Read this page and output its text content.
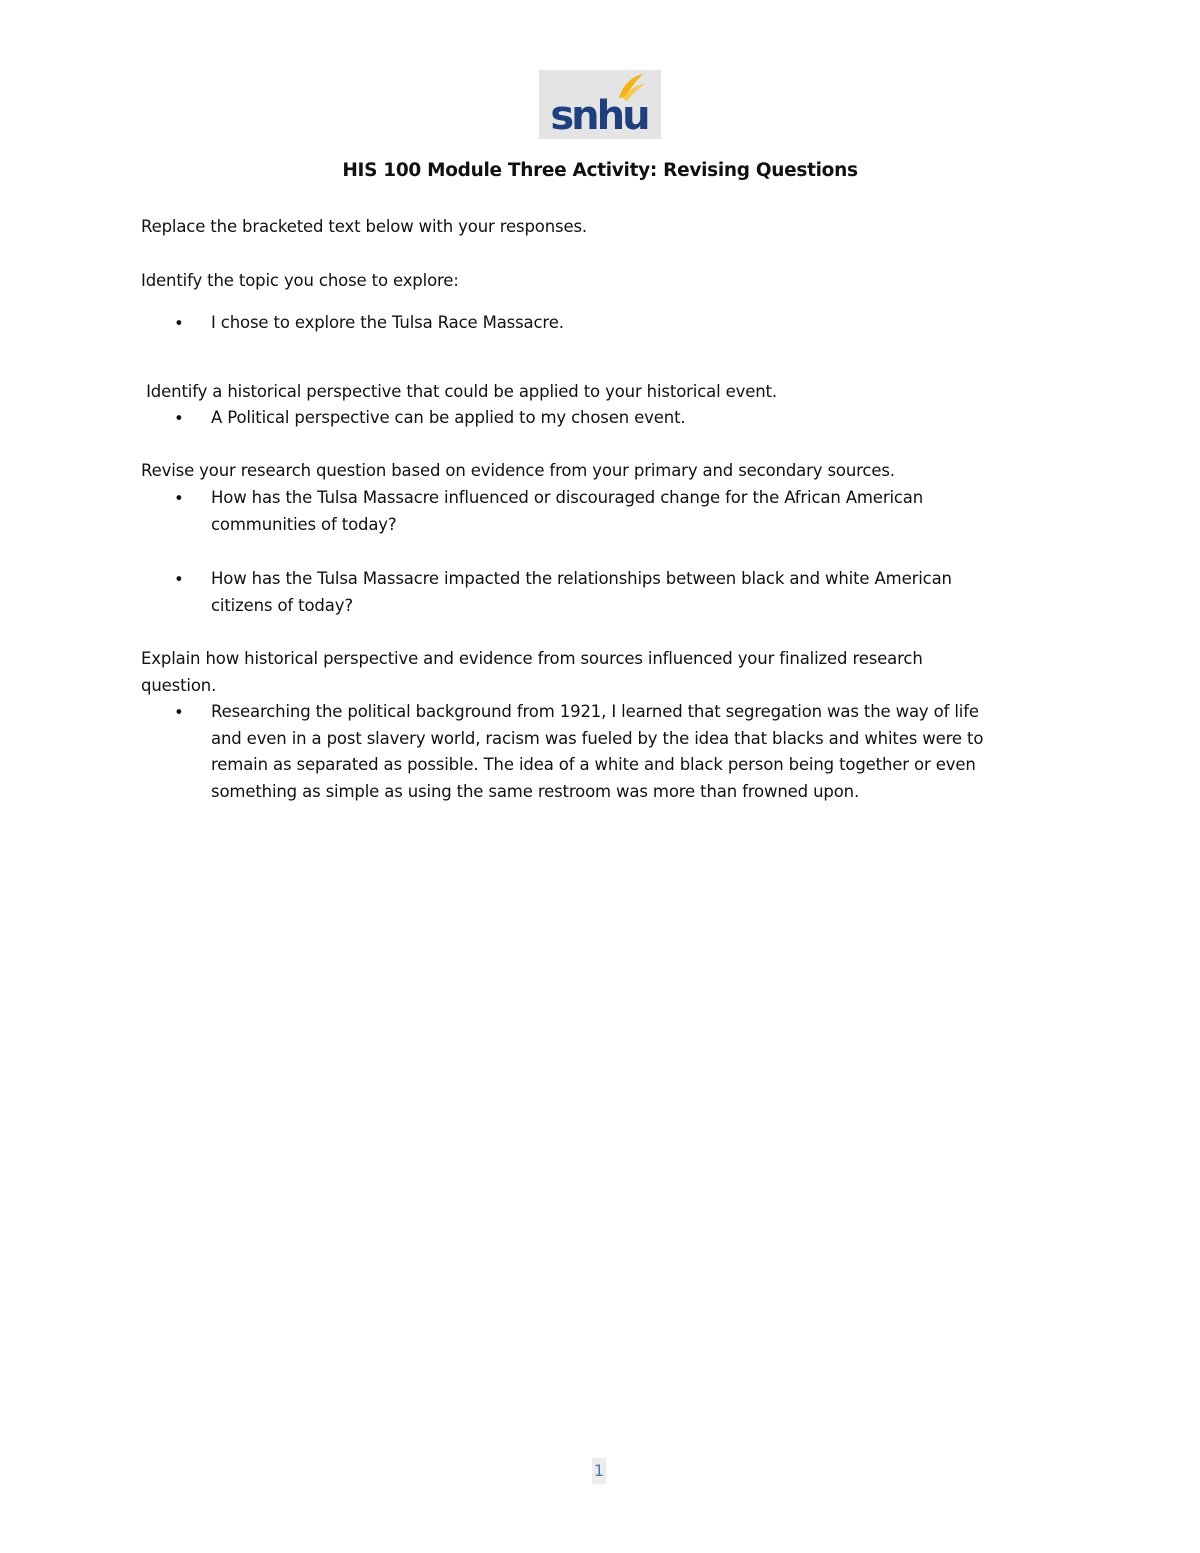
snhu
HIS 100 Module Three Activity: Revising Questions
Replace the bracketed text below with your responses.
Identify the topic you chose to explore:
• I chose to explore the Tulsa Race Massacre.
Identify a historical perspective that could be applied to your historical event.
• A Political perspective can be applied to my chosen event.
Revise your research question based on evidence from your primary and secondary sources.
• How has the Tulsa Massacre influenced or discouraged change for the African American
communities of today?
• How has the Tulsa Massacre impacted the relationships between black and white American
citizens of today?
Explain how historical perspective and evidence from sources influenced your finalized research
question.
• Researching the political background from 1921, I learned that segregation was the way of life
and even in a post slavery world, racism was fueled by the idea that blacks and whites were to
remain as separated as possible. The idea of a white and black person being together or even
something as simple as using the same restroom was more than frowned upon.
1
